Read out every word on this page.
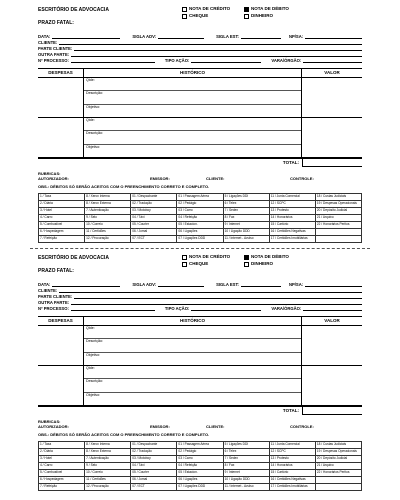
ESCRITÓRIO DE ADVOCACIA	NOTA DE CRÉDITO	NOTA DE DÉBITO
CHEQUE	DINHEIRO
PRAZO FATAL:
DATA:	SIGLA ADV:	SIGLA EST:	NP/SA:
CLIENTE:
PARTE CLIENTE:
OUTRA PARTE:
Nº PROCESSO:	TIPO AÇÃO:	VARA/ÓRGÃO:
DESPESAS	HISTÓRICO	VALOR
Qtde:
Descrição:
Objetivo:
Qtde:
Descrição:
Objetivo:
TOTAL:
RUBRICAS:
AUTORIZADOR:	EMISSOR:	CLIENTE:	CONTROLE:
OBS.: DÉBITOS SÓ SERÃO ACEITOS COM O PREENCHIMENTO CORRETO E COMPLETO.
1 / Taxa	8 / Xerox Interna	01 / Despachante	01 / Passagem Aérea	5 / Ligações DDI	11 / Junta Comercial	18 / Custas Judiciais
2 / Diária	8 / Xerox Externa	02 / Tradução	02 / Pedágio	6 / Telex	12 / SCPC	19 / Despesas Operacionais
3 / Hotel	7 / Autenticação	03 / Motoboy	03 / Carro	7 / Sedex	13 / Protesto	20 / Depósito Judicial
4 / Carro	9 / Selo	04 / Táxi	04 / Refeição	8 / Fax	14 / Honorários	21 / Arquivo
5 / Combustível	10 / Correio	05 / Courier	05 / Estacion.	9 / Internet	15 / Cartório	22 / Honorários Peritos
6 / Hospedagem	11 / Certidões	06 / Jornal	06 / Ligações	10 / Ligação DDD	16 / Certidões Negativas	
7 / Refeição	12 / Procuração	07 / ECT	07 / Ligações DDD	11 / Internet - Avulso	17 / Certidões Imobiliárias	
ESCRITÓRIO DE ADVOCACIA	NOTA DE CRÉDITO	NOTA DE DÉBITO
CHEQUE	DINHEIRO
PRAZO FATAL:
DATA:	SIGLA ADV:	SIGLA EST:	NP/SA:
CLIENTE:
PARTE CLIENTE:
OUTRA PARTE:
Nº PROCESSO:	TIPO AÇÃO:	VARA/ÓRGÃO:
DESPESAS	HISTÓRICO	VALOR
Qtde:
Descrição:
Objetivo:
Qtde:
Descrição:
Objetivo:
TOTAL:
RUBRICAS:
AUTORIZADOR:	EMISSOR:	CLIENTE:	CONTROLE:
OBS.: DÉBITOS SÓ SERÃO ACEITOS COM O PREENCHIMENTO CORRETO E COMPLETO.
1 / Taxa	8 / Xerox Interna	01 / Despachante	01 / Passagem Aérea	5 / Ligações DDI	11 / Junta Comercial	18 / Custas Judiciais
2 / Diária	8 / Xerox Externa	02 / Tradução	02 / Pedágio	6 / Telex	12 / SCPC	19 / Despesas Operacionais
3 / Hotel	7 / Autenticação	03 / Motoboy	03 / Carro	7 / Sedex	13 / Protesto	20 / Depósito Judicial
4 / Carro	9 / Selo	04 / Táxi	04 / Refeição	8 / Fax	14 / Honorários	21 / Arquivo
5 / Combustível	10 / Correio	05 / Courier	05 / Estacion.	9 / Internet	15 / Cartório	22 / Honorários Peritos
6 / Hospedagem	11 / Certidões	06 / Jornal	06 / Ligações	10 / Ligação DDD	16 / Certidões Negativas	
7 / Refeição	12 / Procuração	07 / ECT	07 / Ligações DDD	11 / Internet - Avulso	17 / Certidões Imobiliárias	
